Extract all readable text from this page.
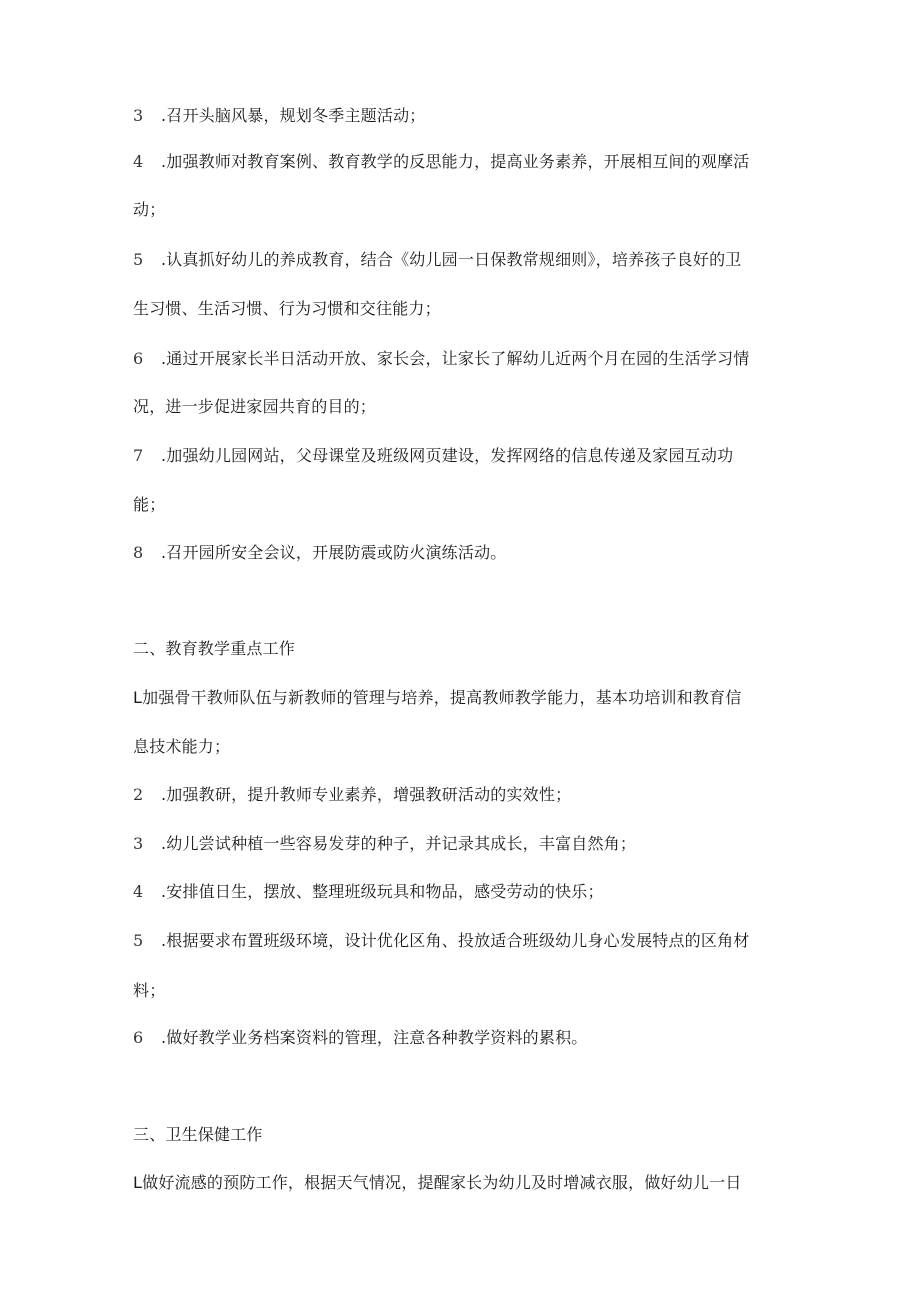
3 .召开头脑风暴，规划冬季主题活动；
4 .加强教师对教育案例、教育教学的反思能力，提高业务素养，开展相互间的观摩活
动；
5 .认真抓好幼儿的养成教育，结合《幼儿园一日保教常规细则》，培养孩子良好的卫
生习惯、生活习惯、行为习惯和交往能力；
6 .通过开展家长半日活动开放、家长会，让家长了解幼儿近两个月在园的生活学习情
况，进一步促进家园共育的目的；
7 .加强幼儿园网站，父母课堂及班级网页建设，发挥网络的信息传递及家园互动功
能；
8 .召开园所安全会议，开展防震或防火演练活动。
二、教育教学重点工作
L加强骨干教师队伍与新教师的管理与培养，提高教师教学能力，基本功培训和教育信
息技术能力；
2 .加强教研，提升教师专业素养，增强教研活动的实效性；
3 .幼儿尝试种植一些容易发芽的种子，并记录其成长，丰富自然角；
4 .安排值日生，摆放、整理班级玩具和物品，感受劳动的快乐；
5 .根据要求布置班级环境，设计优化区角、投放适合班级幼儿身心发展特点的区角材
料；
6 .做好教学业务档案资料的管理，注意各种教学资料的累积。
三、卫生保健工作
L做好流感的预防工作，根据天气情况，提醒家长为幼儿及时增减衣服，做好幼儿一日
